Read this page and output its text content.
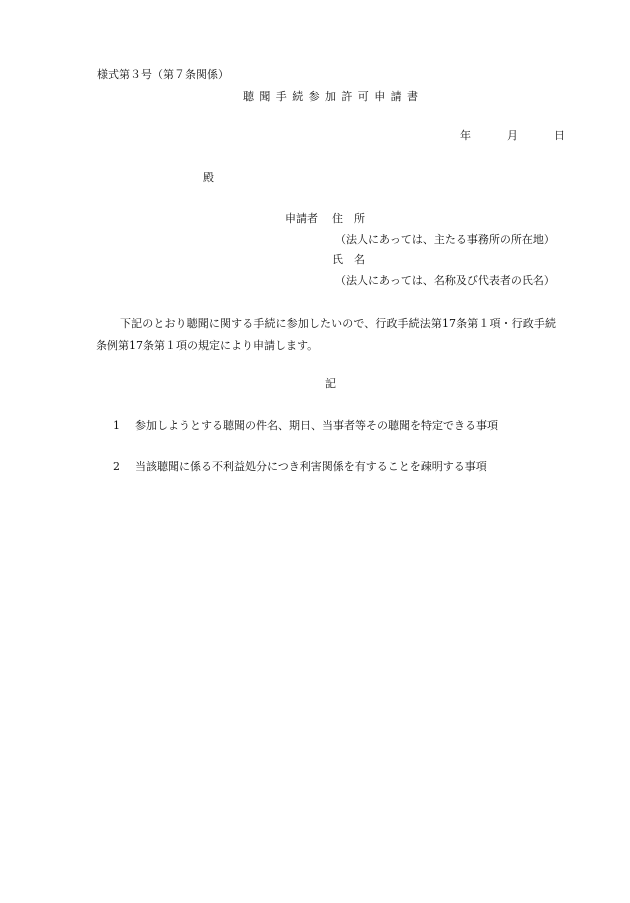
様式第３号（第７条関係）
聴聞手続参加許可申請書
年	月	日
殿
申請者 住　所
（法人にあっては、主たる事務所の所在地）
氏　名
（法人にあっては、名称及び代表者の氏名）
下記のとおり聴聞に関する手続に参加したいので、行政手続法第17条第１項・行政手続条例第17条第１項の規定により申請します。
記
1 参加しようとする聴聞の件名、期日、当事者等その聴聞を特定できる事項
2 当該聴聞に係る不利益処分につき利害関係を有することを疎明する事項
